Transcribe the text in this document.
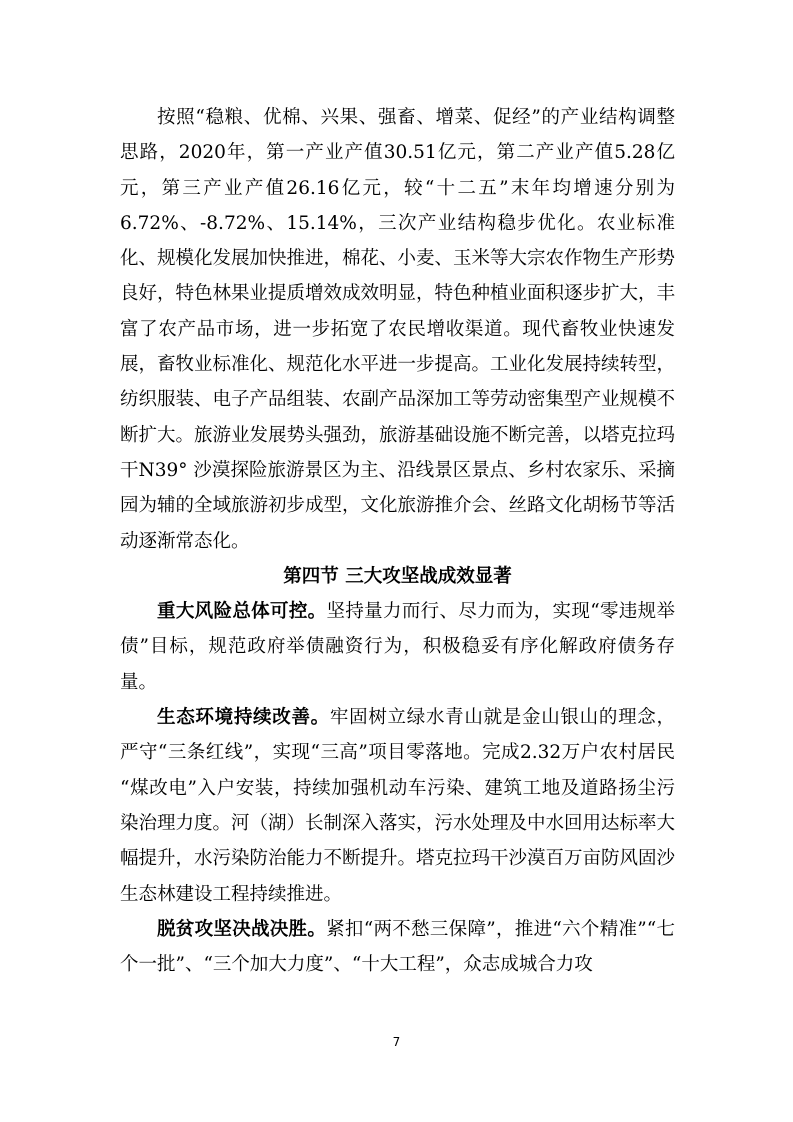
按照“稳粮、优棉、兴果、强畜、增菜、促经”的产业结构调整思路，2020年，第一产业产值30.51亿元，第二产业产值5.28亿元，第三产业产值26.16亿元，较“十二五”末年均增速分别为6.72%、-8.72%、15.14%，三次产业结构稳步优化。农业标准化、规模化发展加快推进，棉花、小麦、玉米等大宗农作物生产形势良好，特色林果业提质增效成效明显，特色种植业面积逐步扩大，丰富了农产品市场，进一步拓宽了农民增收渠道。现代畜牧业快速发展，畜牧业标准化、规范化水平进一步提高。工业化发展持续转型，纺织服装、电子产品组装、农副产品深加工等劳动密集型产业规模不断扩大。旅游业发展势头强劲，旅游基础设施不断完善，以塔克拉玛干N39° 沙漠探险旅游景区为主、沿线景区景点、乡村农家乐、采摘园为辅的全域旅游初步成型，文化旅游推介会、丝路文化胡杨节等活动逐渐常态化。

第四节 三大攻坚战成效显著

重大风险总体可控。坚持量力而行、尽力而为，实现“零违规举债”目标，规范政府举债融资行为，积极稳妥有序化解政府债务存量。

生态环境持续改善。牢固树立绿水青山就是金山银山的理念，严守“三条红线”，实现“三高”项目零落地。完成2.32万户农村居民 “煤改电”入户安装，持续加强机动车污染、建筑工地及道路扬尘污 染治理力度。河（湖）长制深入落实，污水处理及中水回用达标率大 幅提升，水污染防治能力不断提升。塔克拉玛干沙漠百万亩防风固沙生态林建设工程持续推进。

脱贫攻坚决战决胜。紧扣“两不愁三保障”，推进“六个精准”“七个一批”、“三个加大力度”、“十大工程”，众志成城合力攻

7
